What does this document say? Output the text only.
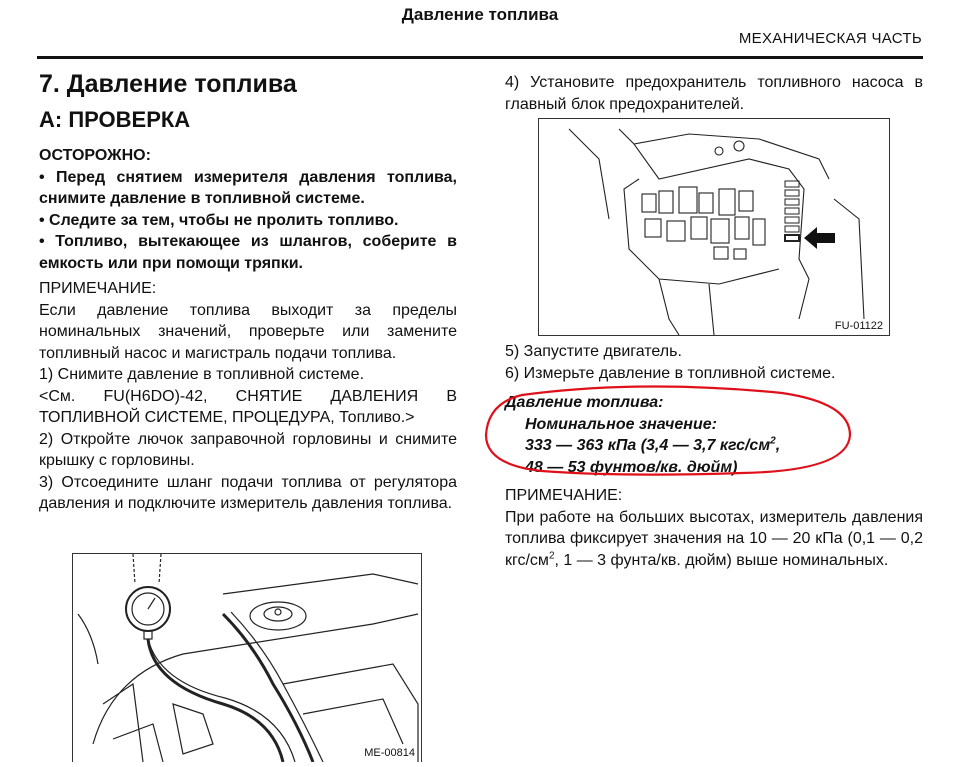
Давление топлива
МЕХАНИЧЕСКАЯ ЧАСТЬ
7. Давление топлива
A: ПРОВЕРКА
ОСТОРОЖНО:
• Перед снятием измерителя давления топлива, снимите давление в топливной системе.
• Следите за тем, чтобы не пролить топливо.
• Топливо, вытекающее из шлангов, соберите в емкость или при помощи тряпки.
ПРИМЕЧАНИЕ:
Если давление топлива выходит за пределы номинальных значений, проверьте или замените топливный насос и магистраль подачи топлива.
1) Снимите давление в топливной системе.
<См. FU(H6DO)-42, СНЯТИЕ ДАВЛЕНИЯ В ТОПЛИВНОЙ СИСТЕМЕ, ПРОЦЕДУРА, Топливо.>
2) Откройте лючок заправочной горловины и снимите крышку с горловины.
3) Отсоедините шланг подачи топлива от регулятора давления и подключите измеритель давления топлива.
ME-00814
4) Установите предохранитель топливного насоса в главный блок предохранителей.
FU-01122
5) Запустите двигатель.
6) Измерьте давление в топливной системе.
Давление топлива:
Номинальное значение:
333 — 363 кПа (3,4 — 3,7 кгс/$см^2$,
48 — 53 фунтов/кв. дюйм)
ПРИМЕЧАНИЕ:
При работе на больших высотах, измеритель давления топлива фиксирует значения на 10 — 20 кПа (0,1 — 0,2 кгс/$см^2$, 1 — 3 фунта/кв. дюйм) выше номинальных.
